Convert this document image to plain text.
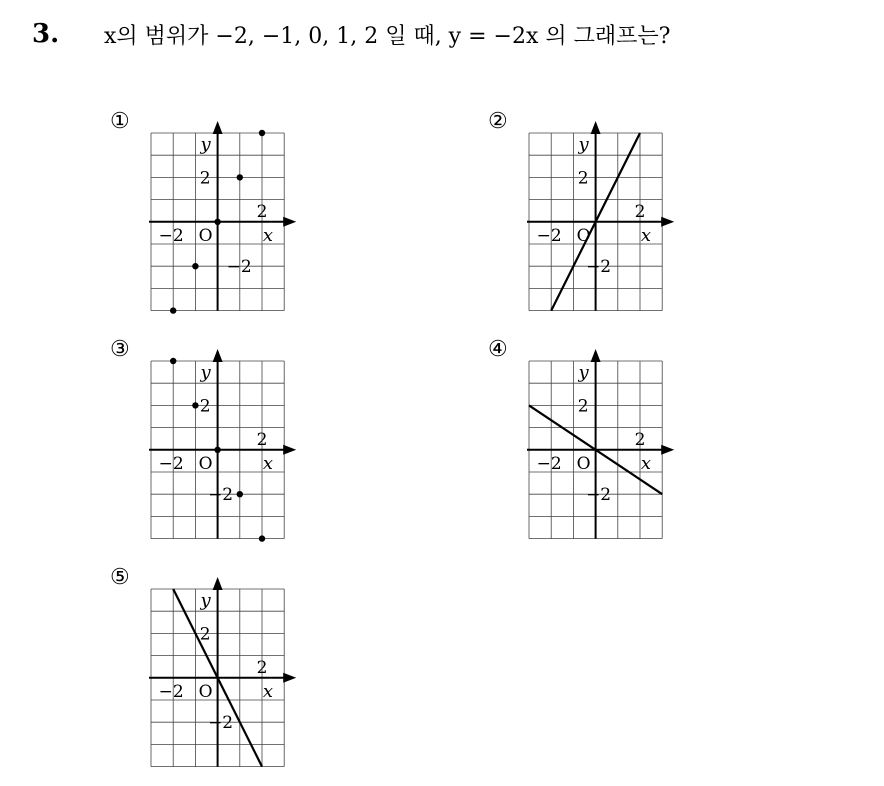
3.	x의 범위가 −2, −1, 0, 1, 2 일 때, y = −2x 의 그래프는?
①
O
−2
2
x
2
−2
y
②
O
−2
2
x
2
−2
y
③
O
−2
2
x
2
−2
y
④
O
−2
2
x
2
−2
y
⑤
O
−2
2
x
2
−2
y
